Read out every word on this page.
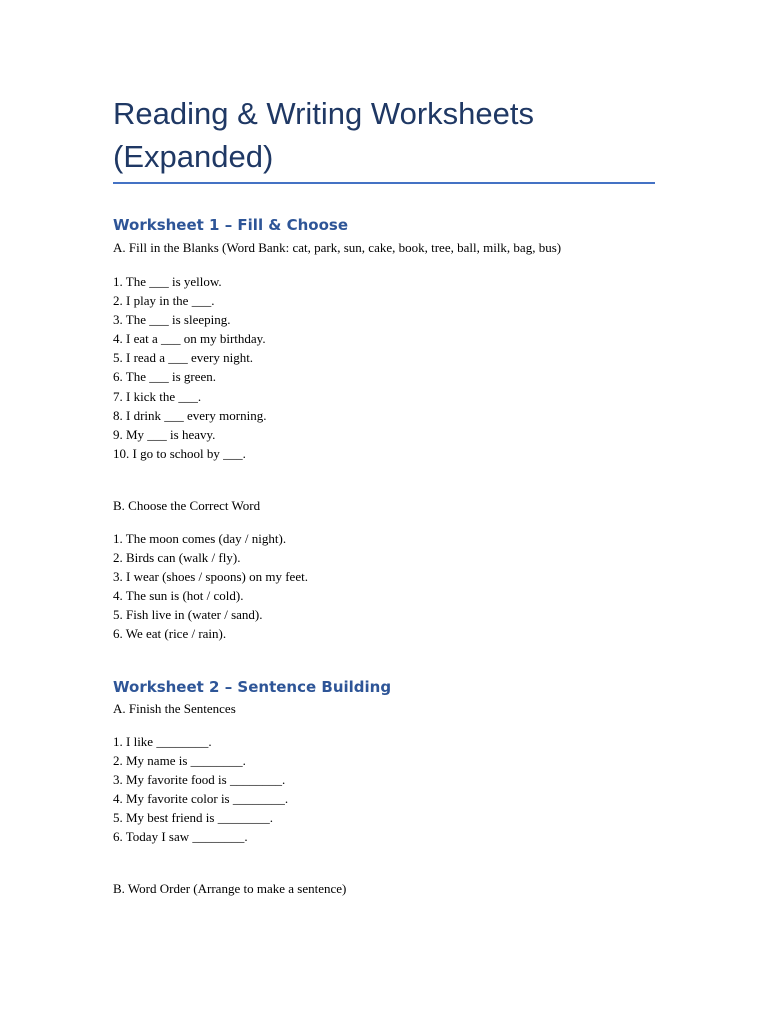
Reading & Writing Worksheets
(Expanded)
Worksheet 1 – Fill & Choose

A. Fill in the Blanks (Word Bank: cat, park, sun, cake, book, tree, ball, milk, bag, bus)

1. The ___ is yellow.
2. I play in the ___.
3. The ___ is sleeping.
4. I eat a ___ on my birthday.
5. I read a ___ every night.
6. The ___ is green.
7. I kick the ___.
8. I drink ___ every morning.
9. My ___ is heavy.
10. I go to school by ___.

B. Choose the Correct Word

1. The moon comes (day / night).
2. Birds can (walk / fly).
3. I wear (shoes / spoons) on my feet.
4. The sun is (hot / cold).
5. Fish live in (water / sand).
6. We eat (rice / rain).
Worksheet 2 – Sentence Building

A. Finish the Sentences

1. I like ________.
2. My name is ________.
3. My favorite food is ________.
4. My favorite color is ________.
5. My best friend is ________.
6. Today I saw ________.

B. Word Order (Arrange to make a sentence)
